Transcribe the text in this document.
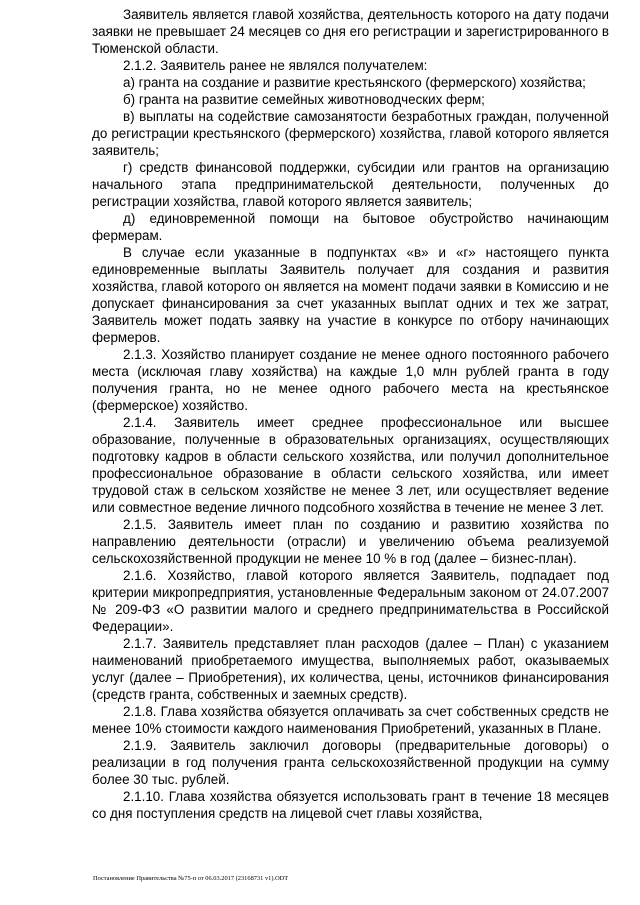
Заявитель является главой хозяйства, деятельность которого на дату подачи заявки не превышает 24 месяцев со дня его регистрации и зарегистрированного в Тюменской области.

2.1.2. Заявитель ранее не являлся получателем:

а) гранта на создание и развитие крестьянского (фермерского) хозяйства;

б) гранта на развитие семейных животноводческих ферм;

в) выплаты на содействие самозанятости безработных граждан, полученной до регистрации крестьянского (фермерского) хозяйства, главой которого является заявитель;

г) средств финансовой поддержки, субсидии или грантов на организацию начального этапа предпринимательской деятельности, полученных до регистрации хозяйства, главой которого является заявитель;

д) единовременной помощи на бытовое обустройство начинающим фермерам.

В случае если указанные в подпунктах «в» и «г» настоящего пункта единовременные выплаты Заявитель получает для создания и развития хозяйства, главой которого он является на момент подачи заявки в Комиссию и не допускает финансирования за счет указанных выплат одних и тех же затрат, Заявитель может подать заявку на участие в конкурсе по отбору начинающих фермеров.

2.1.3. Хозяйство планирует создание не менее одного постоянного рабочего места (исключая главу хозяйства) на каждые 1,0 млн рублей гранта в году получения гранта, но не менее одного рабочего места на крестьянское (фермерское) хозяйство.

2.1.4. Заявитель имеет среднее профессиональное или высшее образование, полученные в образовательных организациях, осуществляющих подготовку кадров в области сельского хозяйства, или получил дополнительное профессиональное образование в области сельского хозяйства, или имеет трудовой стаж в сельском хозяйстве не менее 3 лет, или осуществляет ведение или совместное ведение личного подсобного хозяйства в течение не менее 3 лет.

2.1.5. Заявитель имеет план по созданию и развитию хозяйства по направлению деятельности (отрасли) и увеличению объема реализуемой сельскохозяйственной продукции не менее 10 % в год (далее – бизнес-план).

2.1.6. Хозяйство, главой которого является Заявитель, подпадает под критерии микропредприятия, установленные Федеральным законом от 24.07.2007 № 209-ФЗ «О развитии малого и среднего предпринимательства в Российской Федерации».

2.1.7. Заявитель представляет план расходов (далее – План) с указанием наименований приобретаемого имущества, выполняемых работ, оказываемых услуг (далее – Приобретения), их количества, цены, источников финансирования (средств гранта, собственных и заемных средств).

2.1.8. Глава хозяйства обязуется оплачивать за счет собственных средств не менее 10% стоимости каждого наименования Приобретений, указанных в Плане.

2.1.9. Заявитель заключил договоры (предварительные договоры) о реализации в год получения гранта сельскохозяйственной продукции на сумму более 30 тыс. рублей.

2.1.10. Глава хозяйства обязуется использовать грант в течение 18 месяцев со дня поступления средств на лицевой счет главы хозяйства,

Постановление Правительства №75-п от 06.03.2017 (23168731 v1).ODT
